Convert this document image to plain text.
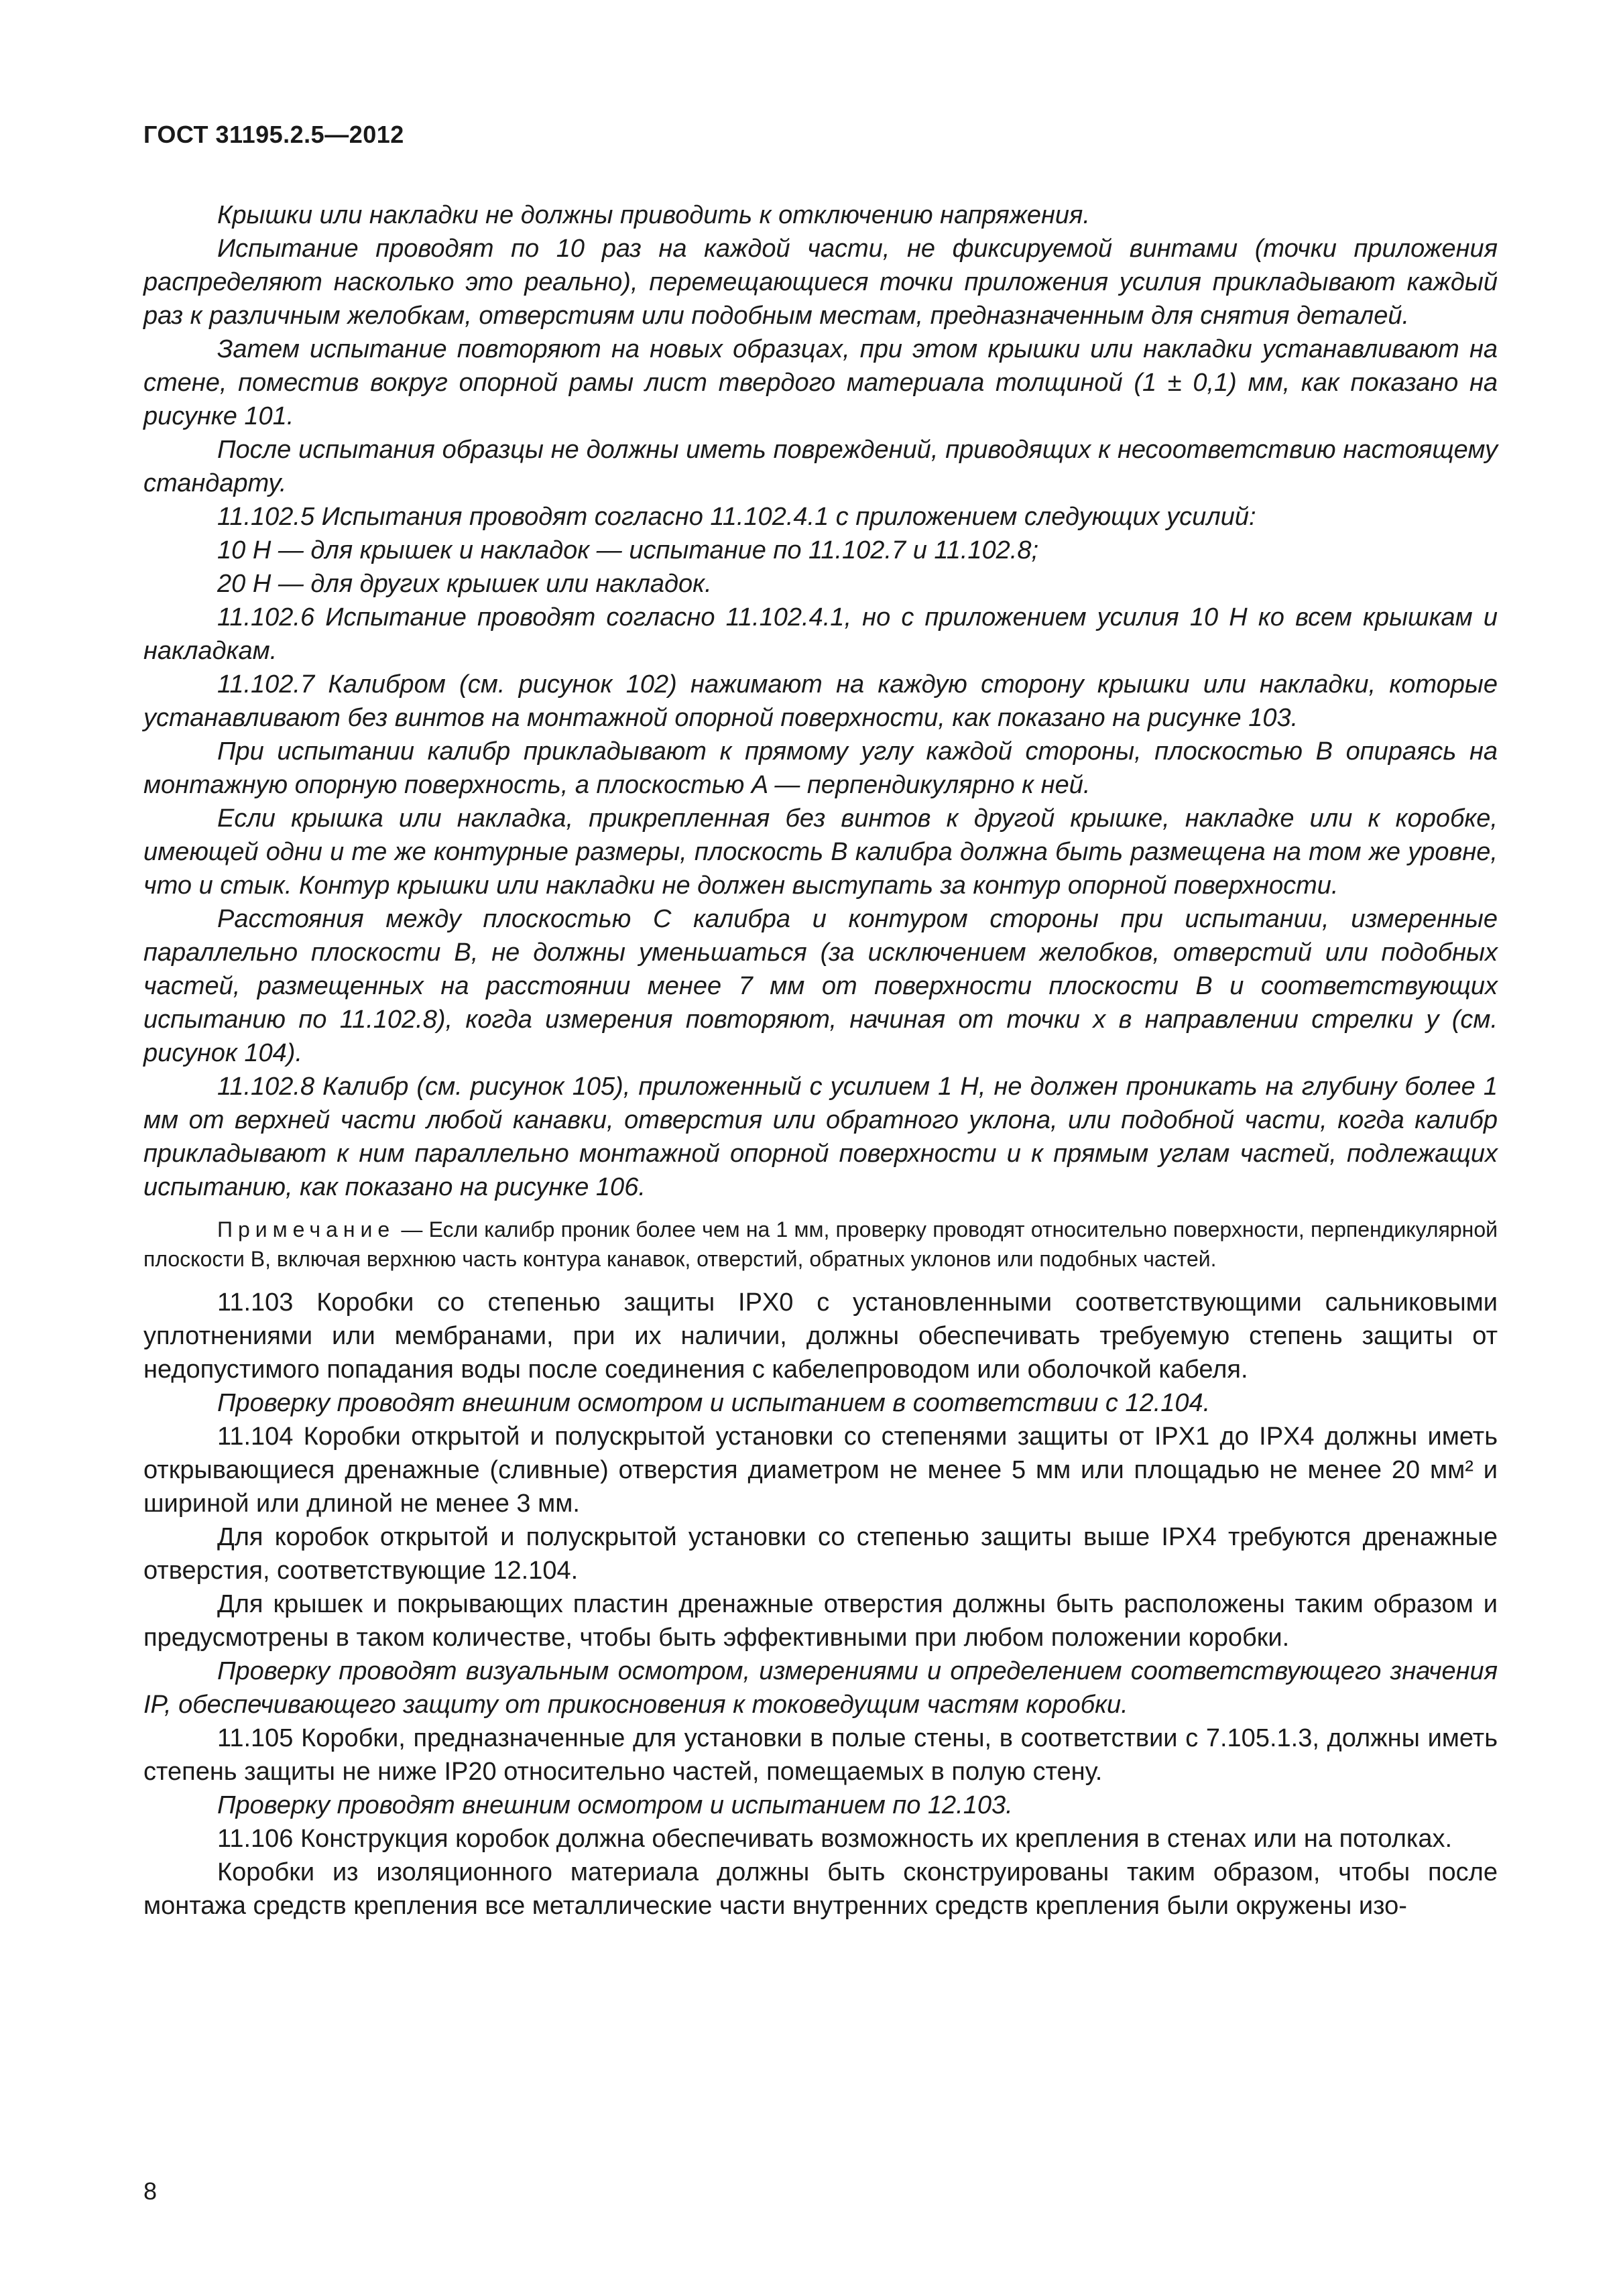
ГОСТ 31195.2.5—2012

Крышки или накладки не должны приводить к отключению напряжения.

Испытание проводят по 10 раз на каждой части, не фиксируемой винтами (точки приложения распределяют насколько это реально), перемещающиеся точки приложения усилия прикладывают каждый раз к различным желобкам, отверстиям или подобным местам, предназначенным для снятия деталей.

Затем испытание повторяют на новых образцах, при этом крышки или накладки устанавливают на стене, поместив вокруг опорной рамы лист твердого материала толщиной (1 ± 0,1) мм, как показано на рисунке 101.

После испытания образцы не должны иметь повреждений, приводящих к несоответствию настоящему стандарту.

11.102.5 Испытания проводят согласно 11.102.4.1 с приложением следующих усилий:

10 Н — для крышек и накладок — испытание по 11.102.7 и 11.102.8;

20 Н — для других крышек или накладок.

11.102.6 Испытание проводят согласно 11.102.4.1, но с приложением усилия 10 Н ко всем крышкам и накладкам.

11.102.7 Калибром (см. рисунок 102) нажимают на каждую сторону крышки или накладки, которые устанавливают без винтов на монтажной опорной поверхности, как показано на рисунке 103.

При испытании калибр прикладывают к прямому углу каждой стороны, плоскостью B опираясь на монтажную опорную поверхность, а плоскостью A — перпендикулярно к ней.

Если крышка или накладка, прикрепленная без винтов к другой крышке, накладке или к коробке, имеющей одни и те же контурные размеры, плоскость B калибра должна быть размещена на том же уровне, что и стык. Контур крышки или накладки не должен выступать за контур опорной поверхности.

Расстояния между плоскостью C калибра и контуром стороны при испытании, измеренные параллельно плоскости B, не должны уменьшаться (за исключением желобков, отверстий или подобных частей, размещенных на расстоянии менее 7 мм от поверхности плоскости B и соответствующих испытанию по 11.102.8), когда измерения повторяют, начиная от точки x в направлении стрелки y (см. рисунок 104).

11.102.8 Калибр (см. рисунок 105), приложенный с усилием 1 Н, не должен проникать на глубину более 1 мм от верхней части любой канавки, отверстия или обратного уклона, или подобной части, когда калибр прикладывают к ним параллельно монтажной опорной поверхности и к прямым углам частей, подлежащих испытанию, как показано на рисунке 106.

Примечание — Если калибр проник более чем на 1 мм, проверку проводят относительно поверхности, перпендикулярной плоскости B, включая верхнюю часть контура канавок, отверстий, обратных уклонов или подобных частей.

11.103 Коробки со степенью защиты IPX0 с установленными соответствующими сальниковыми уплотнениями или мембранами, при их наличии, должны обеспечивать требуемую степень защиты от недопустимого попадания воды после соединения с кабелепроводом или оболочкой кабеля.

Проверку проводят внешним осмотром и испытанием в соответствии с 12.104.

11.104 Коробки открытой и полускрытой установки со степенями защиты от IPX1 до IPX4 должны иметь открывающиеся дренажные (сливные) отверстия диаметром не менее 5 мм или площадью не менее 20 мм² и шириной или длиной не менее 3 мм.

Для коробок открытой и полускрытой установки со степенью защиты выше IPX4 требуются дренажные отверстия, соответствующие 12.104.

Для крышек и покрывающих пластин дренажные отверстия должны быть расположены таким образом и предусмотрены в таком количестве, чтобы быть эффективными при любом положении коробки.

Проверку проводят визуальным осмотром, измерениями и определением соответствующего значения IP, обеспечивающего защиту от прикосновения к токоведущим частям коробки.

11.105 Коробки, предназначенные для установки в полые стены, в соответствии с 7.105.1.3, должны иметь степень защиты не ниже IP20 относительно частей, помещаемых в полую стену.

Проверку проводят внешним осмотром и испытанием по 12.103.

11.106 Конструкция коробок должна обеспечивать возможность их крепления в стенах или на потолках.

Коробки из изоляционного материала должны быть сконструированы таким образом, чтобы после монтажа средств крепления все металлические части внутренних средств крепления были окружены изо-

8
